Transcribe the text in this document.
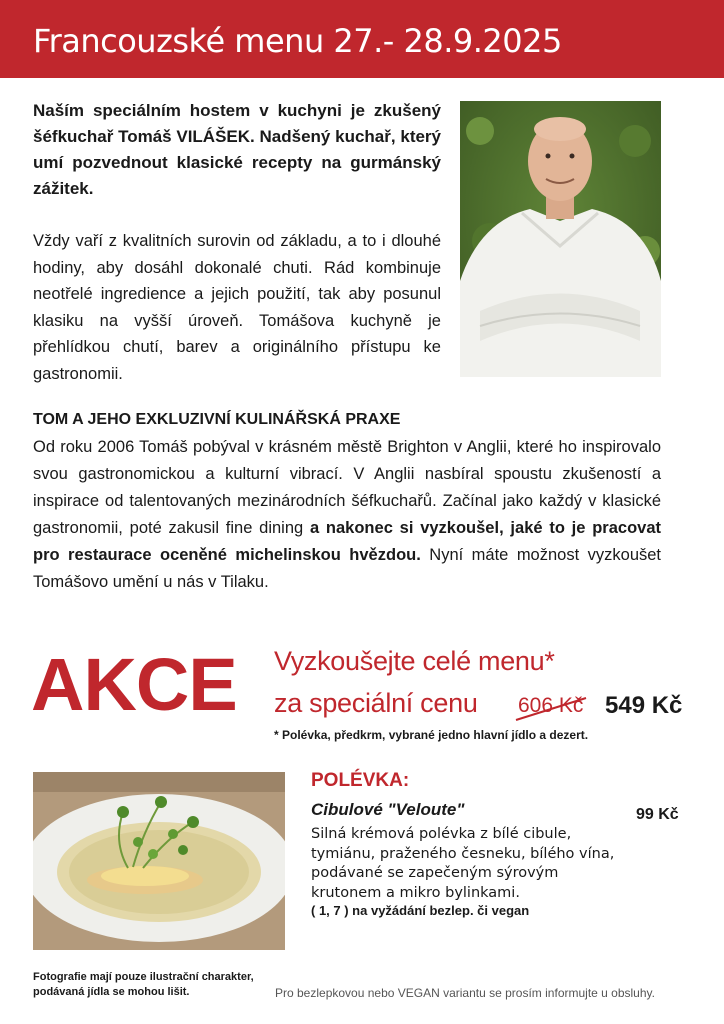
Francouzské menu 27.- 28.9.2025
Naším speciálním hostem v kuchyni je zkušený šéfkuchař Tomáš VILÁŠEK. Nadšený kuchař, který umí pozvednout klasické recepty na gurmánský zážitek.
Vždy vaří z kvalitních surovin od základu, a to i dlouhé hodiny, aby dosáhl dokonalé chuti. Rád kombinuje neotřelé ingredience a jejich použití, tak aby posunul klasiku na vyšší úroveň. Tomášova kuchyně je přehlídkou chutí, barev a originálního přístupu ke gastronomii.
TOM A JEHO EXKLUZIVNÍ KULINÁŘSKÁ PRAXE
Od roku 2006 Tomáš pobýval v krásném městě Brighton v Anglii, které ho inspirovalo svou gastronomickou a kulturní vibrací. V Anglii nasbíral spoustu zkušeností a inspirace od talentovaných mezinárodních šéfkuchařů. Začínal jako každý v klasické gastronomii, poté zakusil fine dining a nakonec si vyzkoušel, jaké to je pracovat pro restaurace oceněné michelinskou hvězdou. Nyní máte možnost vyzkoušet Tomášovo umění u nás v Tilaku.
AKCE Vyzkoušejte celé menu*
za speciální cenu 606 Kč 549 Kč
* Polévka, předkrm, vybrané jedno hlavní jídlo a dezert.
POLÉVKA:
Cibulové "Veloute"	99 Kč
Silná krémová polévka z bílé cibule, tymiánu, praženého česneku, bílého vína, podávané se zapečeným sýrovým krutonem a mikro bylinkami.
( 1, 7 ) na vyžádání bezlep. či vegan
Fotografie mají pouze ilustrační charakter, podávaná jídla se mohou lišit.	Pro bezlepkovou nebo VEGAN variantu se prosím informujte u obsluhy.
